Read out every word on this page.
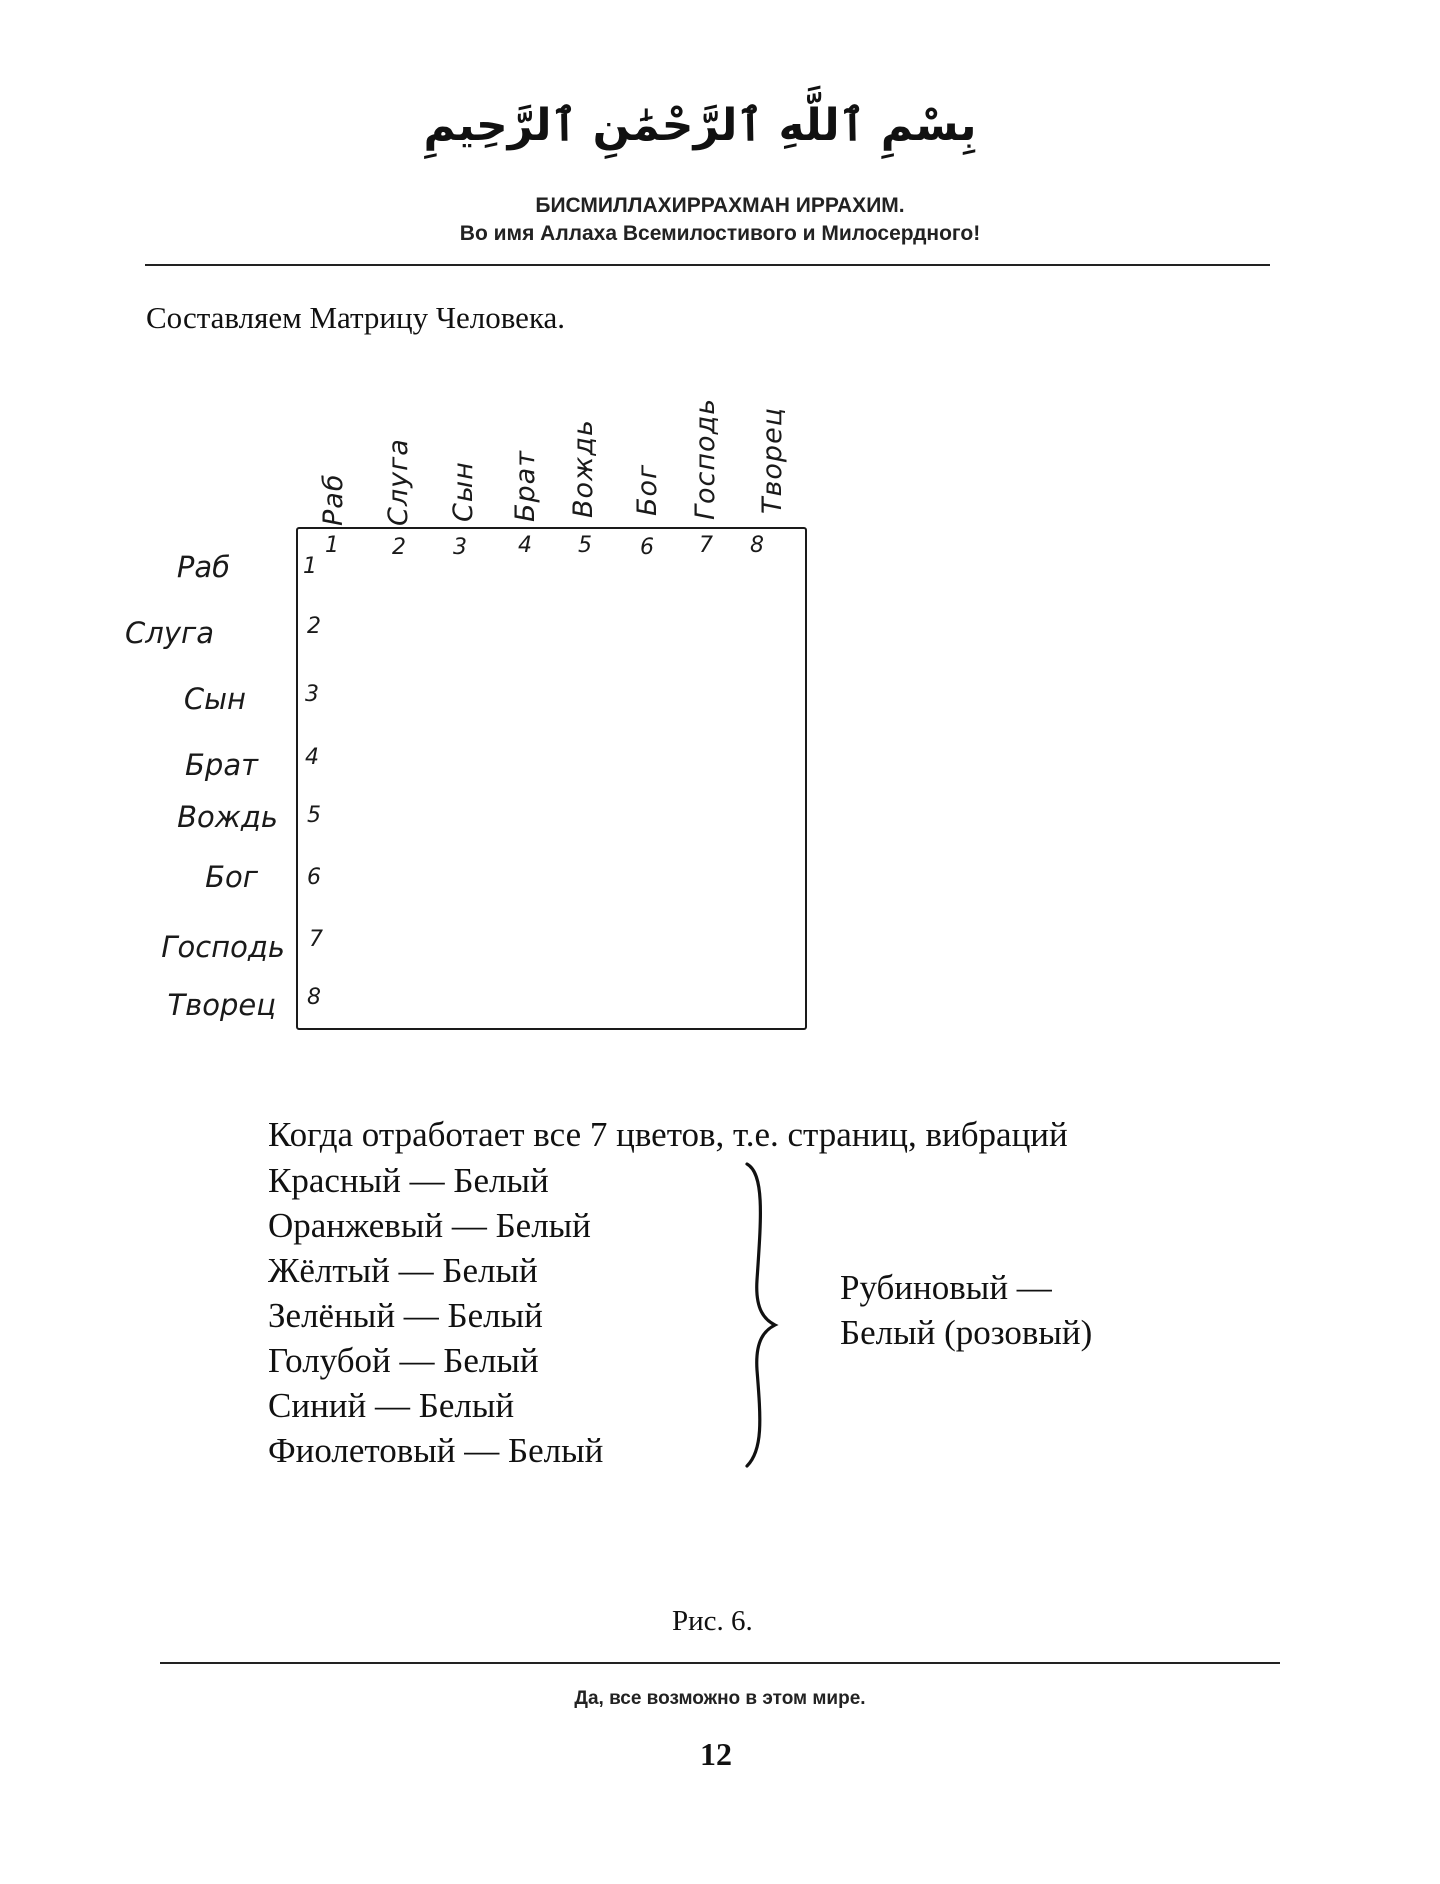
بِسْمِ ٱللَّهِ ٱلرَّحْمَٰنِ ٱلرَّحِيمِ
БИСМИЛЛАХИРРАХМАН ИРРАХИМ.
Во имя Аллаха Всемилостивого и Милосердного!
Составляем Матрицу Человека.
Раб Слуга Сын Брат Вождь Бог Господь Творец
1 2 3 4 5 6 7 8
Раб
Слуга
Сын
Брат
Вождь
Бог
Господь
Творец
1
2
3
4
5
6
7
8
Когда отработает все 7 цветов, т.е. страниц, вибраций
Красный — Белый
Оранжевый — Белый
Жёлтый — Белый
Зелёный — Белый
Голубой — Белый
Синий — Белый
Фиолетовый — Белый
Рубиновый —
Белый (розовый)
Рис. 6.
Да, все возможно в этом мире.
12
